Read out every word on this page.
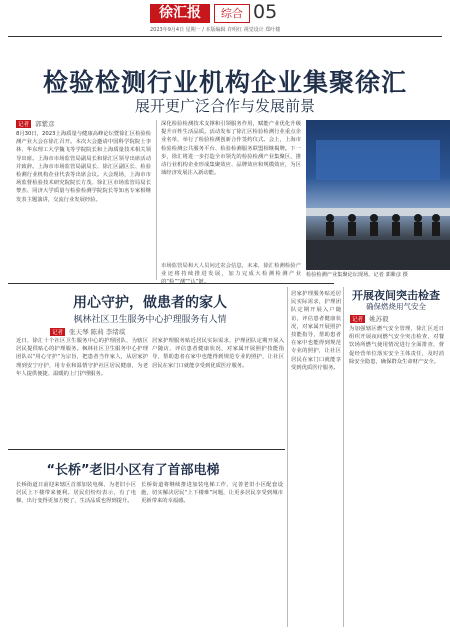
徐汇报	综合 05
2023年9月4日 星期一 / 本版编辑 许明红 视觉设计 郑叶楼
检验检测行业机构企业集聚徐汇
展开更广泛合作与发展前景
记者 郭紫彦
8月30日，2023上海质量与健康高峰论坛暨徐汇区检验检测产业大会在徐汇召开。本次大会邀请中国科学院院士李林、华东理工大学魏飞等学院院长和上海质量技术相关领导出席。上海市市场监管局副局长和徐汇区领导出席活动并致辞。上海市市场监管局副局长、徐汇区副区长、检验检测行业机构企业代表等出席会议。大会现场，上海市市场监督检验技术研究院院长方茂、徐汇区市场监管局局长黎杰、同济大学质量与检验检测学院院长等知名专家相继发表主题演讲，交流行业发展经验。
深化检验检测技术支撑和引领服务作用，赋能产业优化升级提升百姓生活品质。活动发布了徐汇区检验检测行业重点企业名单，举行了检验检测创新合作签约仪式。会上，上海市检验检测公共服务平台、检验检测服务联盟相继揭牌。下一步，徐汇将进一步打造全市领先的检验检测产业集聚区，推动行业机构企业形成集聚效应、品牌效应和规模效应，为区域经济发展注入新动能。
检验检测产业集聚论坛现场。记者 郭紫彦 摄
市场监管局和大人员问过农会信息，未来，徐汇检测检验产业还将持续推进发展，加力完成大检测检测产业
用心守护，做患者的家人
枫林社区卫生服务中心护理服务有人情
记者 张天琴 陈莉 李绪琪
近日，徐汇十个社区卫生服务中心的护理团队，为辖区居民提供贴心的护理服务。枫林社区卫生服务中心护理团队以“用心守护”为宗旨，把患者当作家人，从居家护理到安宁疗护，用专业和温情守护社区居民健康，为老年人提供便捷、温暖的上门护理服务。
居家护理服务贴近居民实际需求，护理团队定期开展入户随访，评估患者健康状况，对家属开展照护技能指导，帮助患者在家中也能得到规范专业的照护，让社区居民在家门口就能享受到优质医疗服务。
居家护理服务贴近居民实际需求，护理团队定期开展入户随访，评估患者健康状况，对家属开展照护技能指导，帮助患者在家中也能得到规范专业的照护，让社区居民在家门口就能享受到优质医疗服务。
“长桥”老旧小区有了首部电梯
长桥街道日前迎来辖区首部加装电梯，为老旧小区居民上下楼带来便利。居民们纷纷表示，有了电梯，出行变得更加方便了，生活品质也得到提升。
长桥街道将继续推进加装电梯工作，完善老旧小区配套设施，切实解决居民“上下楼难”问题，让更多居民享受到城市更新带来的幸福感。
开展夜间突击检查
确保燃烧用气安全
记者 姚苏毅
为加强辖区燃气安全管理，徐汇区近日组织开展夜间燃气安全突击检查，对餐饮场所燃气使用情况进行全面排查，督促经营单位落实安全主体责任，及时消除安全隐患，确保群众生命财产安全。
